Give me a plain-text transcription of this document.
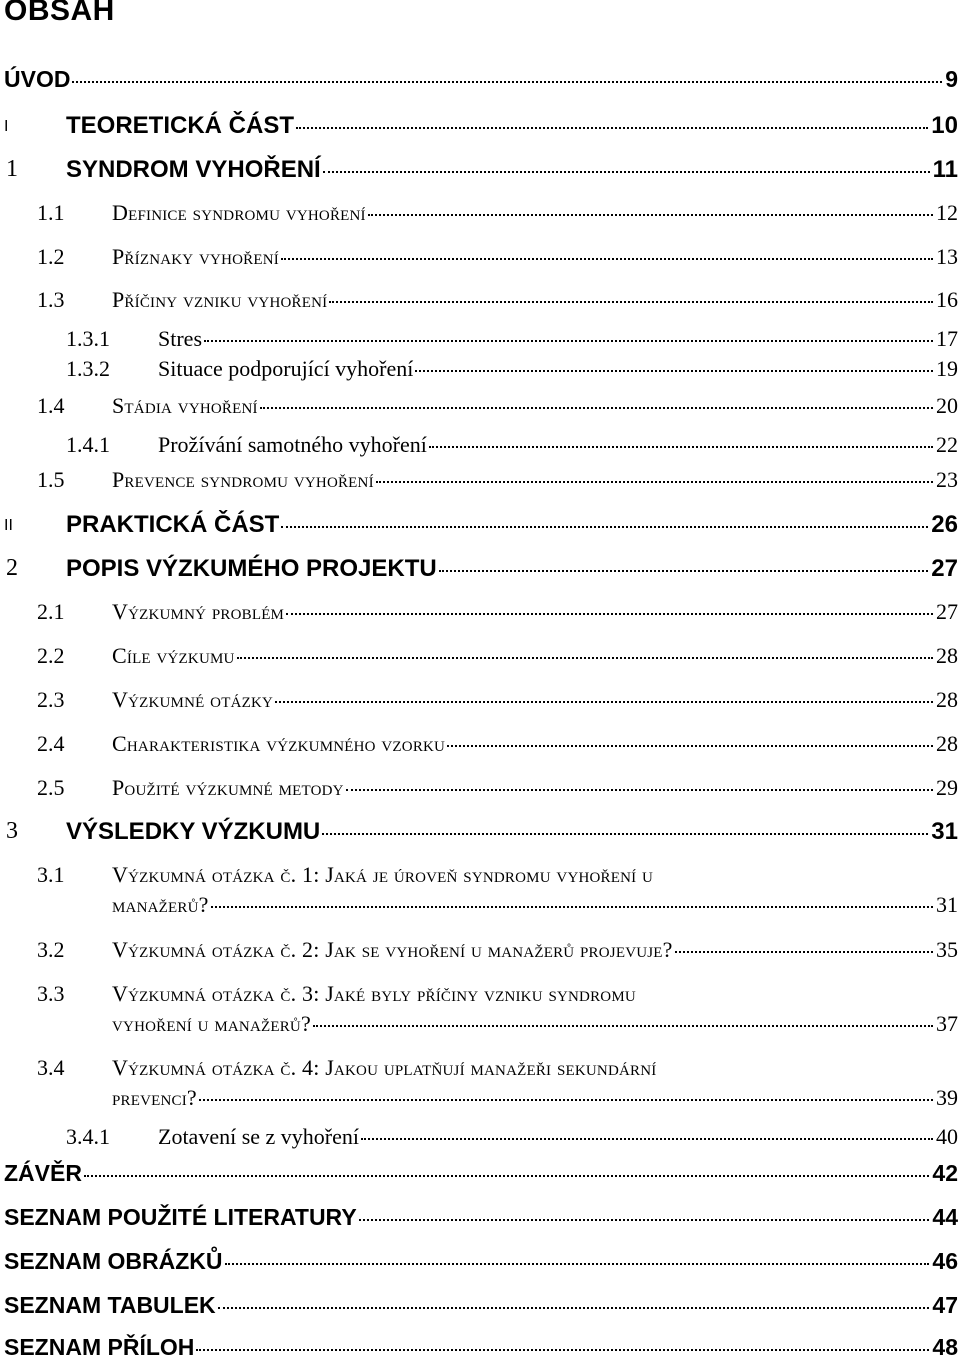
OBSAH
ÚVOD	9
I	TEORETICKÁ ČÁST	10
1	SYNDROM VYHOŘENÍ	11
1.1	Definice syndromu vyhoření	12
1.2	Příznaky vyhoření	13
1.3	Příčiny vzniku vyhoření	16
1.3.1	Stres	17
1.3.2	Situace podporující vyhoření	19
1.4	Stádia vyhoření	20
1.4.1	Prožívání samotného vyhoření	22
1.5	Prevence syndromu vyhoření	23
II	PRAKTICKÁ ČÁST	26
2	POPIS VÝZKUMÉHO PROJEKTU	27
2.1	Výzkumný problém	27
2.2	Cíle výzkumu	28
2.3	Výzkumné otázky	28
2.4	Charakteristika výzkumného vzorku	28
2.5	Použité výzkumné metody	29
3	VÝSLEDKY VÝZKUMU	31
3.1	Výzkumná otázka č. 1: Jaká je úroveň syndromu vyhoření u
manažerů?	31
3.2	Výzkumná otázka č. 2: Jak se vyhoření u manažerů projevuje?	35
3.3	Výzkumná otázka č. 3: Jaké byly příčiny vzniku syndromu
vyhoření u manažerů?	37
3.4	Výzkumná otázka č. 4: Jakou uplatňují manažeři sekundární
prevenci?	39
3.4.1	Zotavení se z vyhoření	40
ZÁVĚR	42
SEZNAM POUŽITÉ LITERATURY	44
SEZNAM OBRÁZKŮ	46
SEZNAM TABULEK	47
SEZNAM PŘÍLOH	48
